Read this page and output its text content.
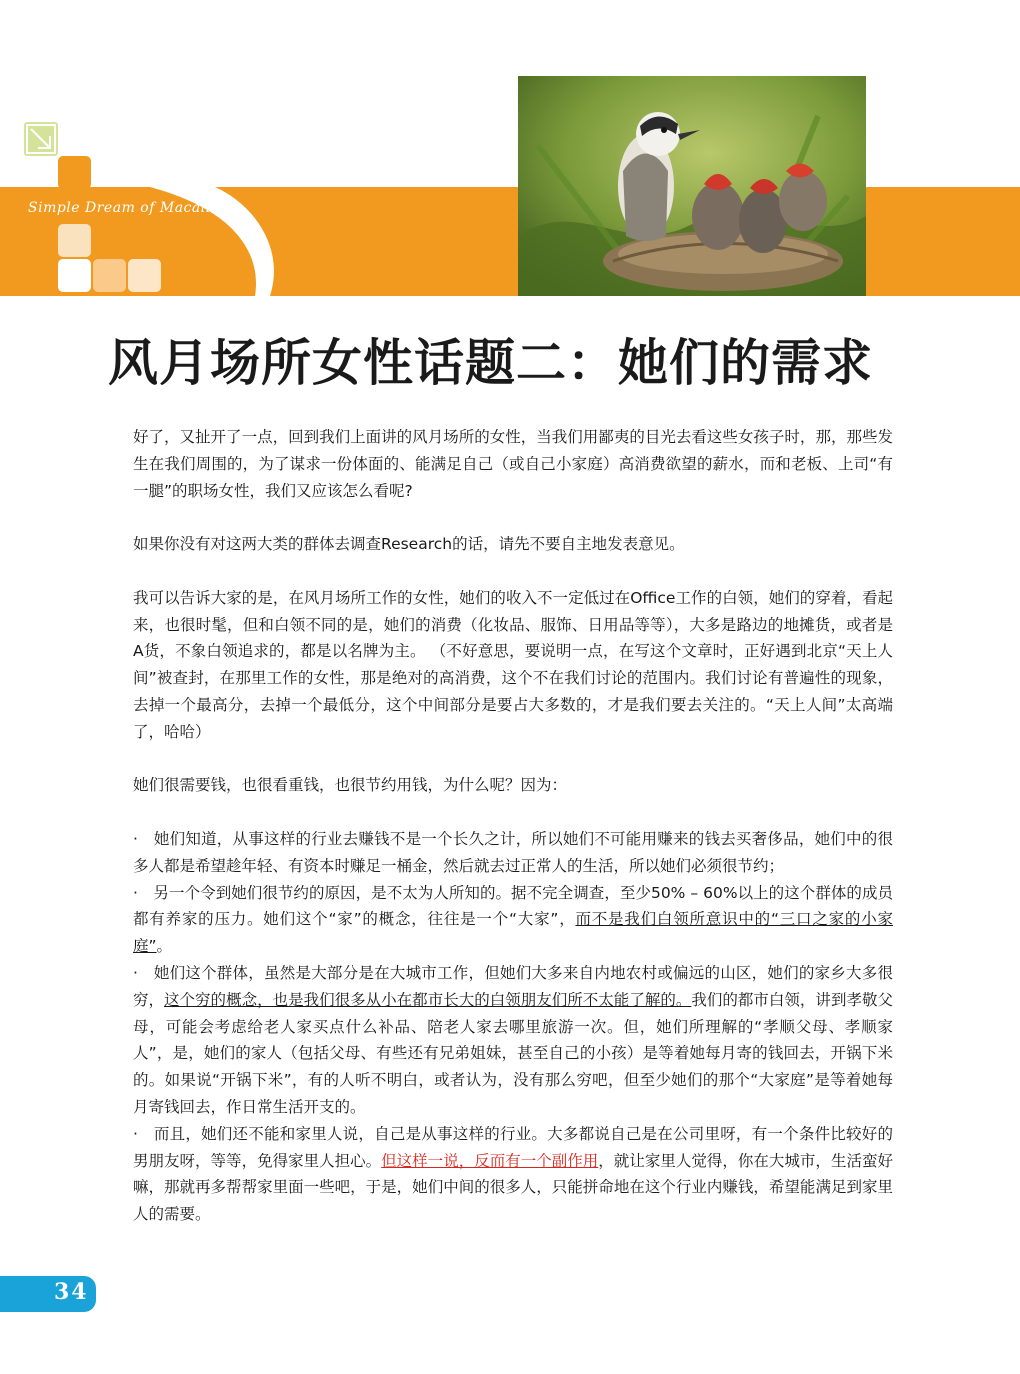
Simple Dream of Macallon
风月场所女性话题二：她们的需求

好了，又扯开了一点，回到我们上面讲的风月场所的女性，当我们用鄙夷的目光去看这些女孩子时，那，那些发生在我们周围的，为了谋求一份体面的、能满足自己（或自己小家庭）高消费欲望的薪水，而和老板、上司“有一腿”的职场女性，我们又应该怎么看呢?

如果你没有对这两大类的群体去调查Research的话，请先不要自主地发表意见。

我可以告诉大家的是，在风月场所工作的女性，她们的收入不一定低过在Office工作的白领，她们的穿着，看起来，也很时髦，但和白领不同的是，她们的消费（化妆品、服饰、日用品等等），大多是路边的地摊货，或者是A货，不象白领追求的，都是以名牌为主。 （不好意思，要说明一点，在写这个文章时，正好遇到北京“天上人间”被查封，在那里工作的女性，那是绝对的高消费，这个不在我们讨论的范围内。我们讨论有普遍性的现象，去掉一个最高分，去掉一个最低分，这个中间部分是要占大多数的，才是我们要去关注的。“天上人间”太高端了，哈哈）

她们很需要钱，也很看重钱，也很节约用钱，为什么呢？因为：

·　她们知道，从事这样的行业去赚钱不是一个长久之计，所以她们不可能用赚来的钱去买奢侈品，她们中的很多人都是希望趁年轻、有资本时赚足一桶金，然后就去过正常人的生活，所以她们必须很节约；

·　另一个令到她们很节约的原因，是不太为人所知的。据不完全调查，至少50% – 60%以上的这个群体的成员都有养家的压力。她们这个“家”的概念，往往是一个“大家”，而不是我们白领所意识中的“三口之家的小家庭”。

·　她们这个群体，虽然是大部分是在大城市工作，但她们大多来自内地农村或偏远的山区，她们的家乡大多很穷，这个穷的概念，也是我们很多从小在都市长大的白领朋友们所不太能了解的。我们的都市白领，讲到孝敬父母，可能会考虑给老人家买点什么补品、陪老人家去哪里旅游一次。但，她们所理解的“孝顺父母、孝顺家人”，是，她们的家人（包括父母、有些还有兄弟姐妹，甚至自己的小孩）是等着她每月寄的钱回去，开锅下米的。如果说“开锅下米”，有的人听不明白，或者认为，没有那么穷吧，但至少她们的那个“大家庭”是等着她每月寄钱回去，作日常生活开支的。

·　而且，她们还不能和家里人说，自己是从事这样的行业。大多都说自己是在公司里呀，有一个条件比较好的男朋友呀，等等，免得家里人担心。但这样一说，反而有一个副作用，就让家里人觉得，你在大城市，生活蛮好嘛，那就再多帮帮家里面一些吧，于是，她们中间的很多人，只能拼命地在这个行业内赚钱，希望能满足到家里人的需要。

34
